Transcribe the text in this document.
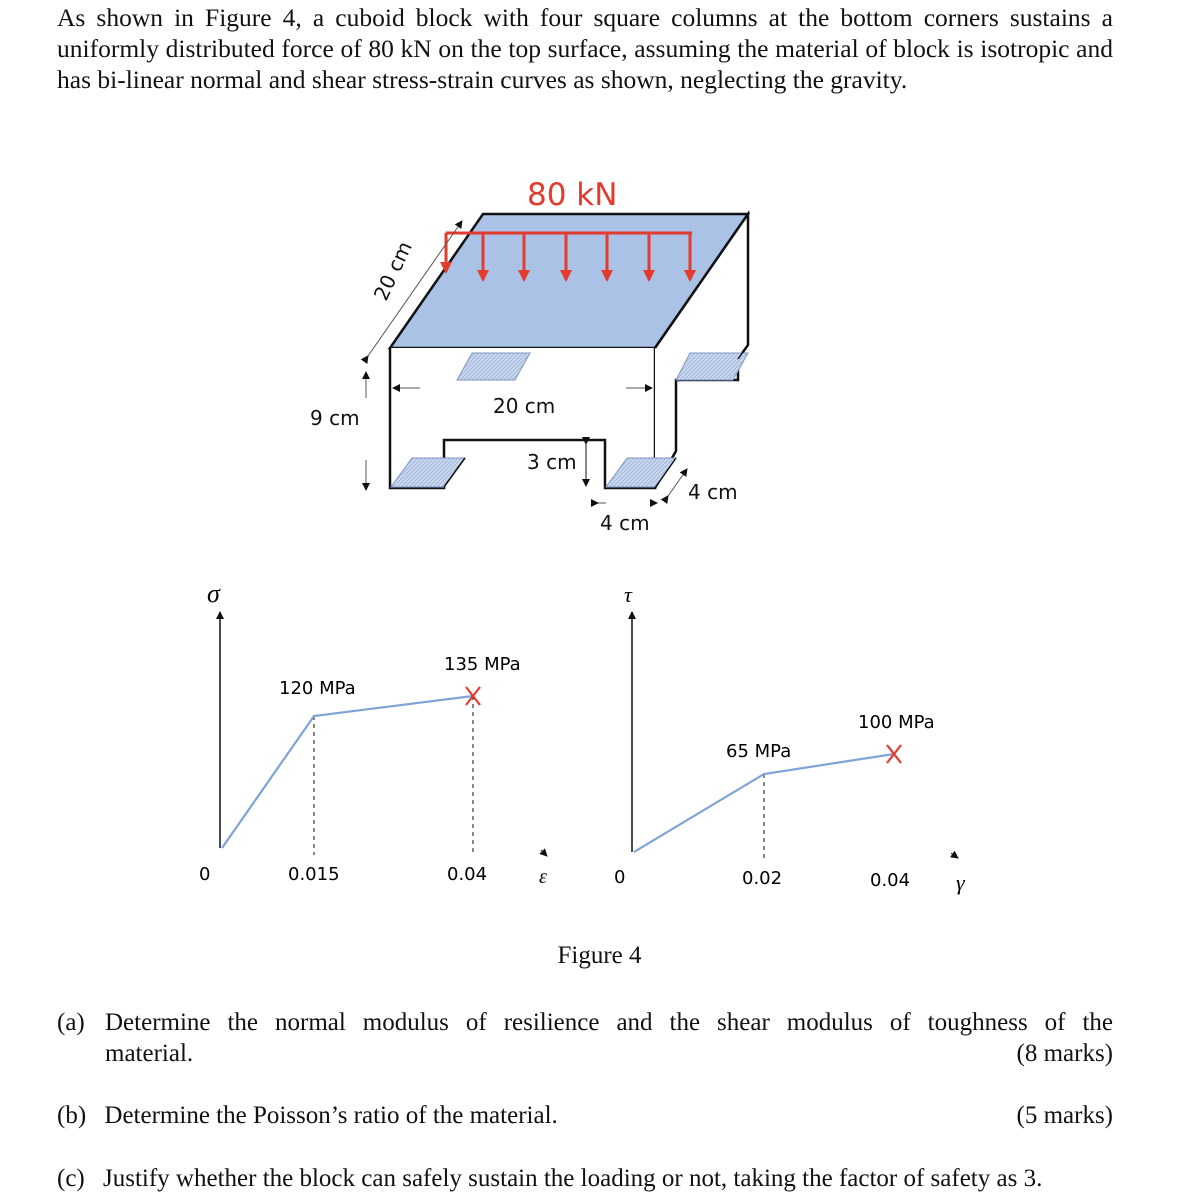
As shown in Figure 4, a cuboid block with four square columns at the bottom corners sustains a uniformly distributed force of 80 kN on the top surface, assuming the material of block is isotropic and has bi-linear normal and shear stress-strain curves as shown, neglecting the gravity.
80 kN
20 cm
9 cm	20 cm
3 cm
4 cm
4 cm
σ
ε
120 MPa
135 MPa
0	0.015	0.04
τ
γ
65 MPa
100 MPa
0	0.02	0.04
Figure 4
(a) Determine the normal modulus of resilience and the shear modulus of toughness of the
material.	(8 marks)
(b) Determine the Poisson’s ratio of the material.	(5 marks)
(c) Justify whether the block can safely sustain the loading or not, taking the factor of safety as 3.
